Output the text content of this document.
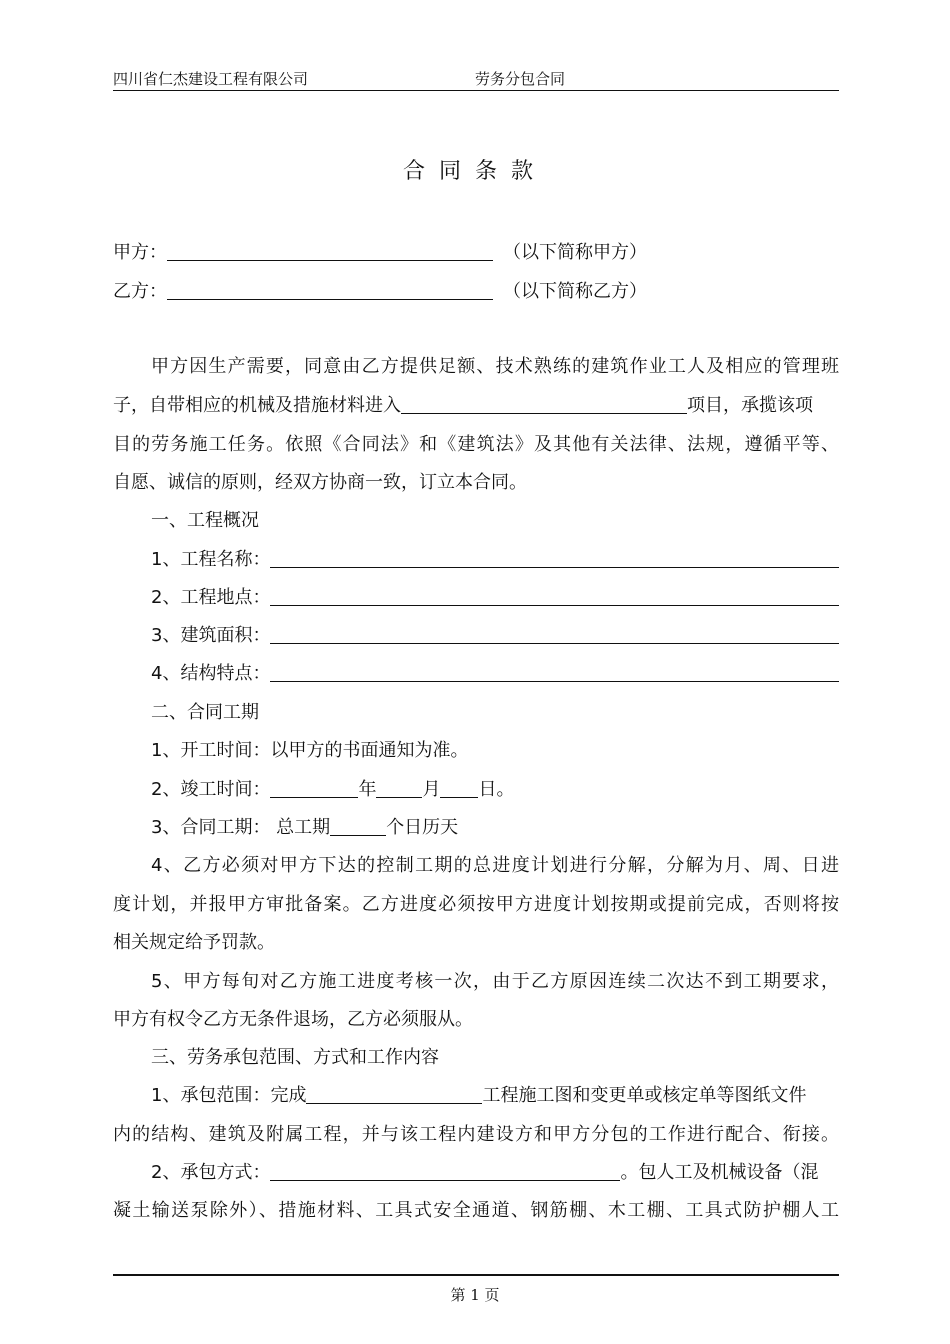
四川省仁杰建设工程有限公司	劳务分包合同
合同条款
甲方：	（以下简称甲方）
乙方：	（以下简称乙方）
甲方因生产需要，同意由乙方提供足额、技术熟练的建筑作业工人及相应的管理班
子，自带相应的机械及措施材料进入	项目，承揽该项
目的劳务施工任务。依照《合同法》和《建筑法》及其他有关法律、法规，遵循平等、
自愿、诚信的原则，经双方协商一致，订立本合同。
一、工程概况
1、工程名称：
2、工程地点：
3、建筑面积：
4、结构特点：
二、合同工期
1、开工时间：以甲方的书面通知为准。
2、竣工时间：	年	月 日。
3、合同工期： 总工期	个日历天
4、乙方必须对甲方下达的控制工期的总进度计划进行分解，分解为月、周、日进
度计划，并报甲方审批备案。乙方进度必须按甲方进度计划按期或提前完成，否则将按
相关规定给予罚款。
5、甲方每旬对乙方施工进度考核一次，由于乙方原因连续二次达不到工期要求，
甲方有权令乙方无条件退场，乙方必须服从。
三、劳务承包范围、方式和工作内容
1、承包范围：完成	工程施工图和变更单或核定单等图纸文件
内的结构、建筑及附属工程，并与该工程内建设方和甲方分包的工作进行配合、衔接。
2、承包方式：	。包人工及机械设备（混
凝土输送泵除外）、措施材料、工具式安全通道、钢筋棚、木工棚、工具式防护棚人工
第 1 页
